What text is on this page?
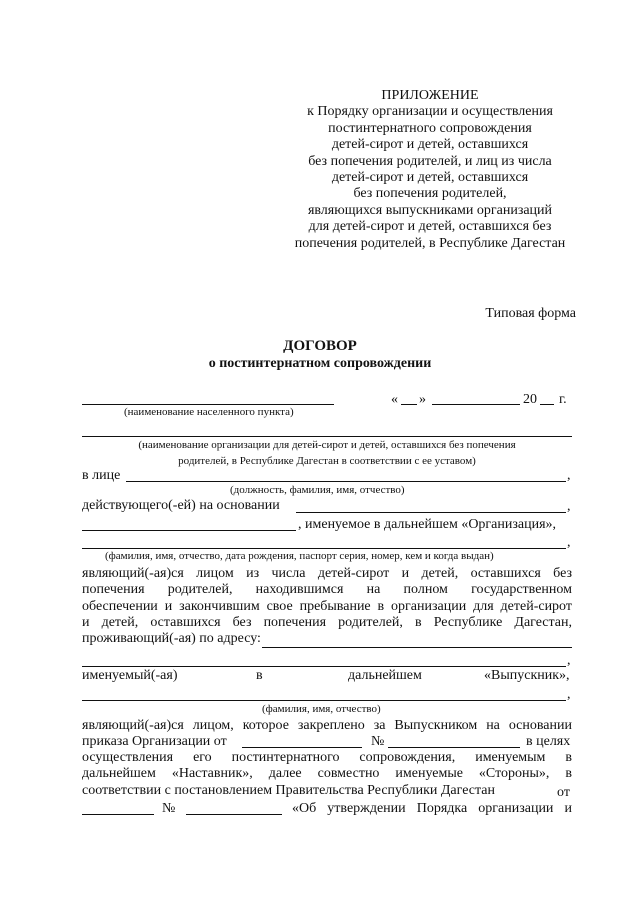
ПРИЛОЖЕНИЕ
к Порядку организации и осуществления
постинтернатного сопровождения
детей-сирот и детей, оставшихся
без попечения родителей, и лиц из числа
детей-сирот и детей, оставшихся
без попечения родителей,
являющихся выпускниками организаций
для детей-сирот и детей, оставшихся без
попечения родителей, в Республике Дагестан
Типовая форма
ДОГОВОР
о постинтернатном сопровождении
« »	20 г.
(наименование населенного пункта)
(наименование организации для детей-сирот и детей, оставшихся без попечения
родителей, в Республике Дагестан в соответствии с ее уставом)
в лице	,
(должность, фамилия, имя, отчество)
действующего(-ей) на основании	,
, именуемое в дальнейшем «Организация»,
,
(фамилия, имя, отчество, дата рождения, паспорт серия, номер, кем и когда выдан)
являющий(-ая)ся лицом из числа детей-сирот и детей, оставшихся без
попечения родителей, находившимся на полном государственном
обеспечении и закончившим свое пребывание в организации для детей-сирот
и детей, оставшихся без попечения родителей, в Республике Дагестан,
проживающий(-ая) по адресу:
,
именуемый(-ая)	в	дальнейшем	«Выпускник»,
,
(фамилия, имя, отчество)
являющий(-ая)ся лицом, которое закреплено за Выпускником на основании
приказа Организации от	№	в целях
осуществления его постинтернатного сопровождения, именуемым в
дальнейшем «Наставник», далее совместно именуемые «Стороны», в
соответствии с постановлением Правительства Республики Дагестан	от
№	«Об утверждении Порядка организации и
